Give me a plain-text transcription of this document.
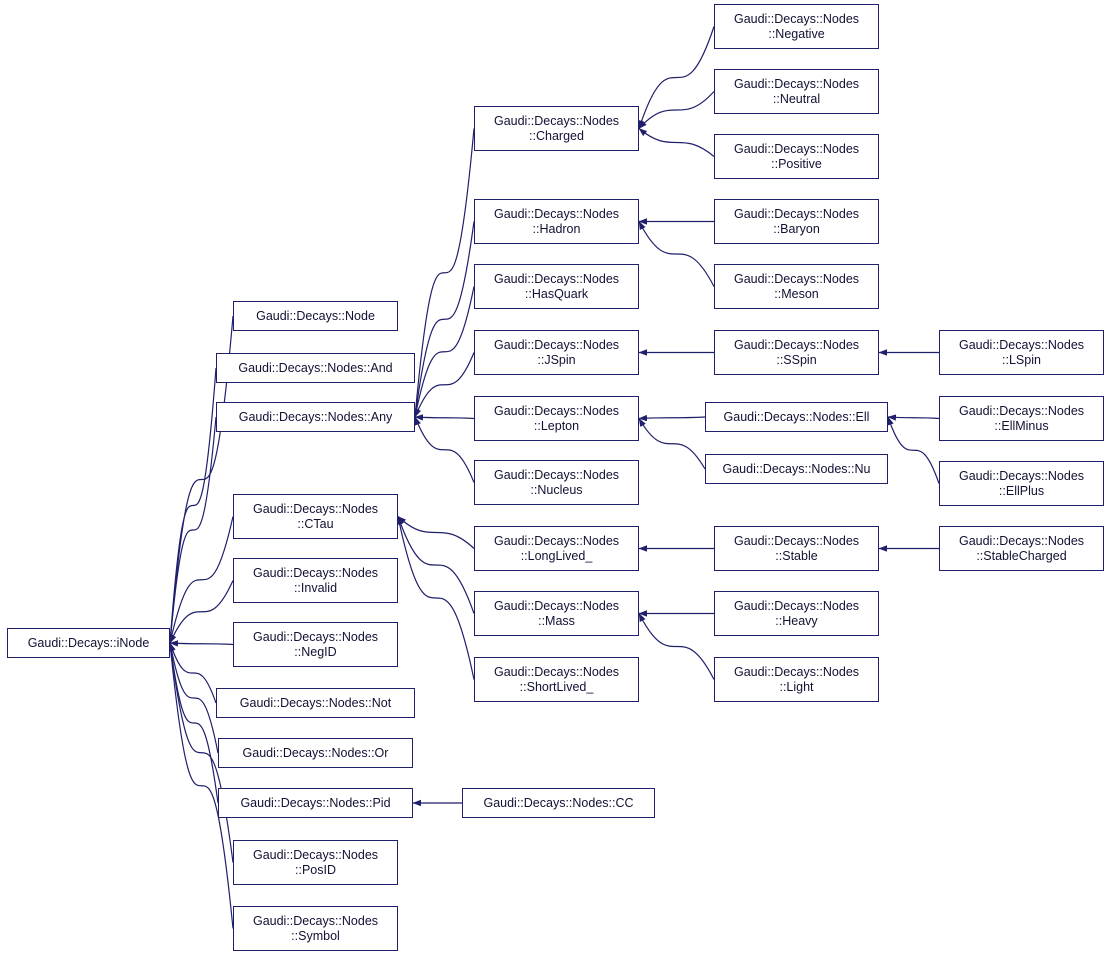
Gaudi::Decays::iNode
Gaudi::Decays::Node
Gaudi::Decays::Nodes::And
Gaudi::Decays::Nodes::Any
Gaudi::Decays::Nodes
::CTau
Gaudi::Decays::Nodes
::Invalid
Gaudi::Decays::Nodes
::NegID
Gaudi::Decays::Nodes::Not
Gaudi::Decays::Nodes::Or
Gaudi::Decays::Nodes::Pid
Gaudi::Decays::Nodes
::PosID
Gaudi::Decays::Nodes
::Symbol
Gaudi::Decays::Nodes::CC
Gaudi::Decays::Nodes
::Charged
Gaudi::Decays::Nodes
::Hadron
Gaudi::Decays::Nodes
::HasQuark
Gaudi::Decays::Nodes
::JSpin
Gaudi::Decays::Nodes
::Lepton
Gaudi::Decays::Nodes
::Nucleus
Gaudi::Decays::Nodes
::LongLived_
Gaudi::Decays::Nodes
::Mass
Gaudi::Decays::Nodes
::ShortLived_
Gaudi::Decays::Nodes
::Negative
Gaudi::Decays::Nodes
::Neutral
Gaudi::Decays::Nodes
::Positive
Gaudi::Decays::Nodes
::Baryon
Gaudi::Decays::Nodes
::Meson
Gaudi::Decays::Nodes
::SSpin
Gaudi::Decays::Nodes::Ell
Gaudi::Decays::Nodes::Nu
Gaudi::Decays::Nodes
::Stable
Gaudi::Decays::Nodes
::Heavy
Gaudi::Decays::Nodes
::Light
Gaudi::Decays::Nodes
::LSpin
Gaudi::Decays::Nodes
::EllMinus
Gaudi::Decays::Nodes
::EllPlus
Gaudi::Decays::Nodes
::StableCharged
